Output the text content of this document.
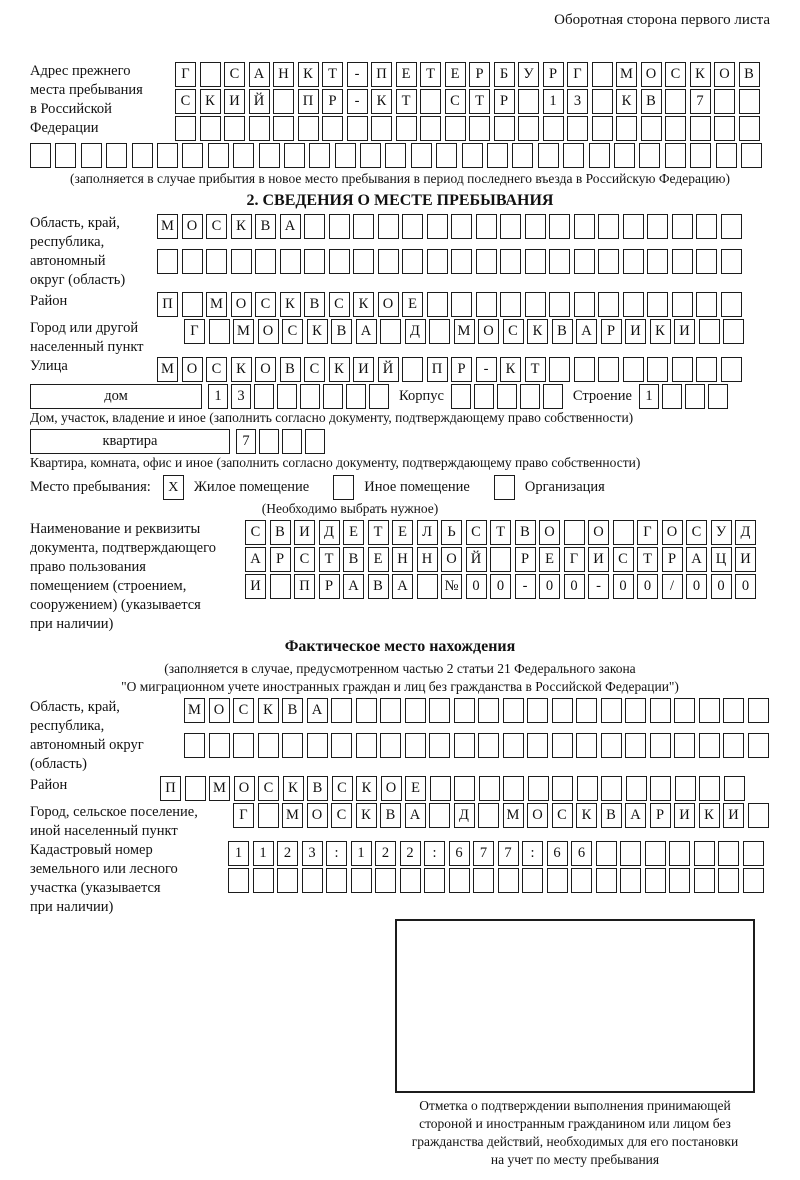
Оборотная сторона первого листа
Адрес прежнего
места пребывания
в Российской
Федерации
Г	С А Н К	Т	-	П	Е	Т	Е	Р	Б	У	Р	Г	М О С	К О В
С	К И Й	П	Р	-	К	Т	С	Т	Р	1	3	К	В	7
(заполняется в случае прибытия в новое место пребывания в период последнего въезда в Российскую Федерацию)
2. СВЕДЕНИЯ О МЕСТЕ ПРЕБЫВАНИЯ
Область, край,
республика,
автономный
округ (область)
М О С	К	В А
Район	П	М О С	К	В	С	К О	Е
Город или другой
населенный пункт
Г	М О С	К	В А	Д	М О С	К	В А	Р	И К И
Улица	М О С	К О В	С	К И Й	П	Р	-	К	Т
дом	1	3	Корпус	Строение 1
Дом, участок, владение и иное (заполнить согласно документу, подтверждающему право собственности)
квартира	7
Квартира, комната, офис и иное (заполнить согласно документу, подтверждающему право собственности)
Место пребывания:	X	Жилое помещение	Иное помещение	Организация
(Необходимо выбрать нужное)
Наименование и реквизиты
документа, подтверждающего
право пользования
помещением (строением,
сооружением) (указывается
при наличии)
С	В И Д	Е	Т	Е	Л	Ь	С	Т	В О	О	Г	О С	У Д
А	Р	С	Т	В	Е	Н Н О Й	Р	Е	Г	И С	Т	Р	А Ц И
И	П	Р	А В А	№ 0	0	-	0	0	-	0	0	/	0	0	0
Фактическое место нахождения
(заполняется в случае, предусмотренном частью 2 статьи 21 Федерального закона
"О миграционном учете иностранных граждан и лиц без гражданства в Российской Федерации")
Область, край,
республика,
автономный округ
(область)
М О С	К	В А
Район	П	М О С	К	В	С	К О	Е
Город, сельское поселение,
иной населенный пункт
Г	М О С	К	В А	Д	М О С	К	В А	Р	И К И
Кадастровый номер
земельного или лесного
участка (указывается
при наличии)
1	1	2	3	:	1	2	2	:	6	7	7	:	6	6
Отметка о подтверждении выполнения принимающей
стороной и иностранным гражданином или лицом без
гражданства действий, необходимых для его постановки
на учет по месту пребывания
